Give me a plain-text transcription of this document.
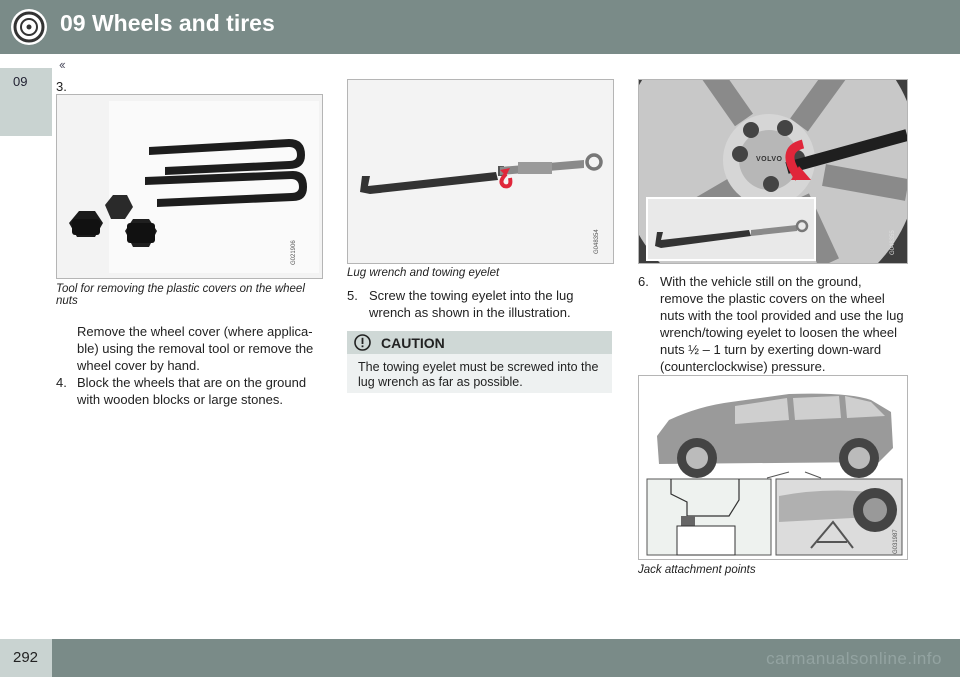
09 Wheels and tires
‹‹
09 3.
G021906
Tool for removing the plastic covers on the wheel nuts
Remove the wheel cover (where applica-ble) using the removal tool or remove the wheel cover by hand.
4. Block the wheels that are on the ground with wooden blocks or large stones.
G048354
Lug wrench and towing eyelet
5. Screw the towing eyelet into the lug wrench as shown in the illustration.
CAUTION
The towing eyelet must be screwed into the lug wrench as far as possible.
G048355
VOLVO
6. With the vehicle still on the ground, remove the plastic covers on the wheel nuts with the tool provided and use the lug wrench/towing eyelet to loosen the wheel nuts ½ – 1 turn by exerting down-ward (counterclockwise) pressure.
G031987
Jack attachment points
292	carmanualsonline.info
